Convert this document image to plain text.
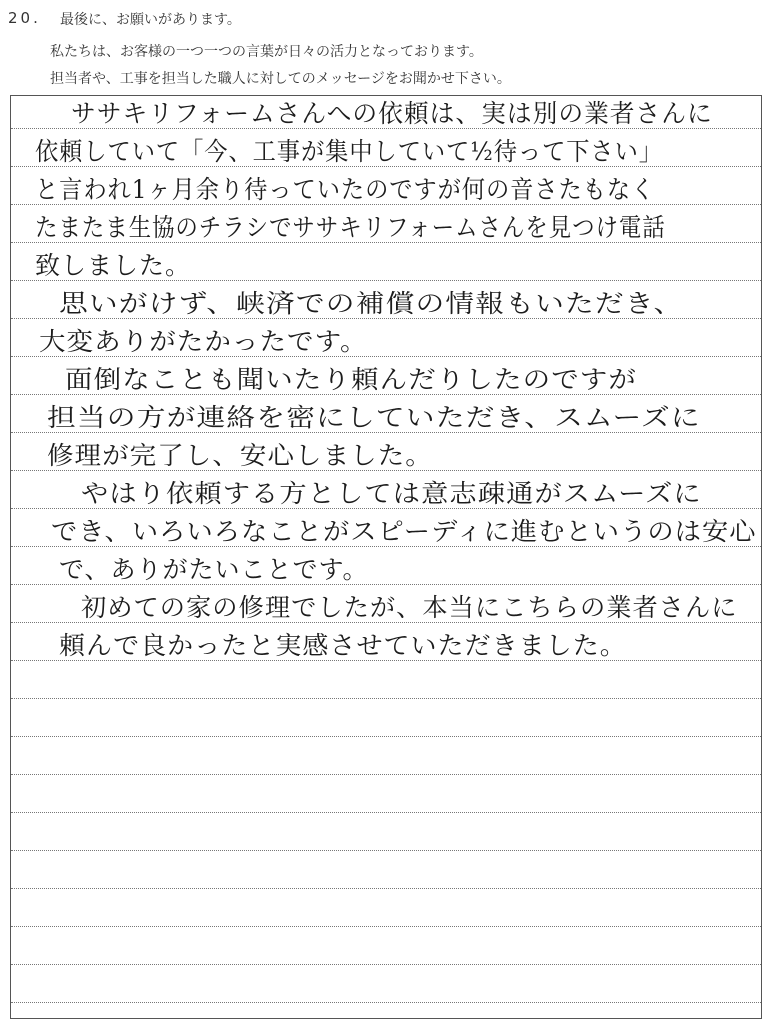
20. 最後に、お願いがあります。
私たちは、お客様の一つ一つの言葉が日々の活力となっております。
担当者や、工事を担当した職人に対してのメッセージをお聞かせ下さい。
ササキリフォームさんへの依頼は、実は別の業者さんに
依頼していて「今、工事が集中していて½待って下さい」
と言われ1ヶ月余り待っていたのですが何の音さたもなく
たまたま生協のチラシでササキリフォームさんを見つけ電話
致しました。
思いがけず、峡済での補償の情報もいただき、
大変ありがたかったです。
面倒なことも聞いたり頼んだりしたのですが
担当の方が連絡を密にしていただき、スムーズに
修理が完了し、安心しました。
やはり依頼する方としては意志疎通がスムーズに
でき、いろいろなことがスピーディに進むというのは安心
で、ありがたいことです。
初めての家の修理でしたが、本当にこちらの業者さんに
頼んで良かったと実感させていただきました。
